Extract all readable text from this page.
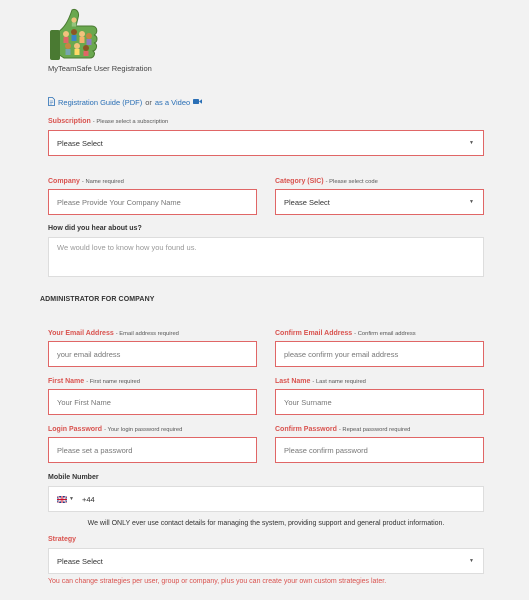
MyTeamSafe User Registration
Registration Guide (PDF) or as a Video
Subscription - Please select a subscription
Please Select	▼
Company - Name required
Please Provide Your Company Name
Category (SIC) - Please select code
Please Select	▼
How did you hear about us?
We would love to know how you found us.
ADMINISTRATOR FOR COMPANY
Your Email Address - Email address required
your email address
Confirm Email Address - Confirm email address
please confirm your email address
First Name - First name required
Your First Name
Last Name - Last name required
Your Surname
Login Password - Your login password required
Please set a password
Confirm Password - Repeat password required
Please confirm password
Mobile Number
▼ +44
We will ONLY ever use contact details for managing the system, providing support and general product information.
Strategy
Please Select	▼
You can change strategies per user, group or company, plus you can create your own custom strategies later.
